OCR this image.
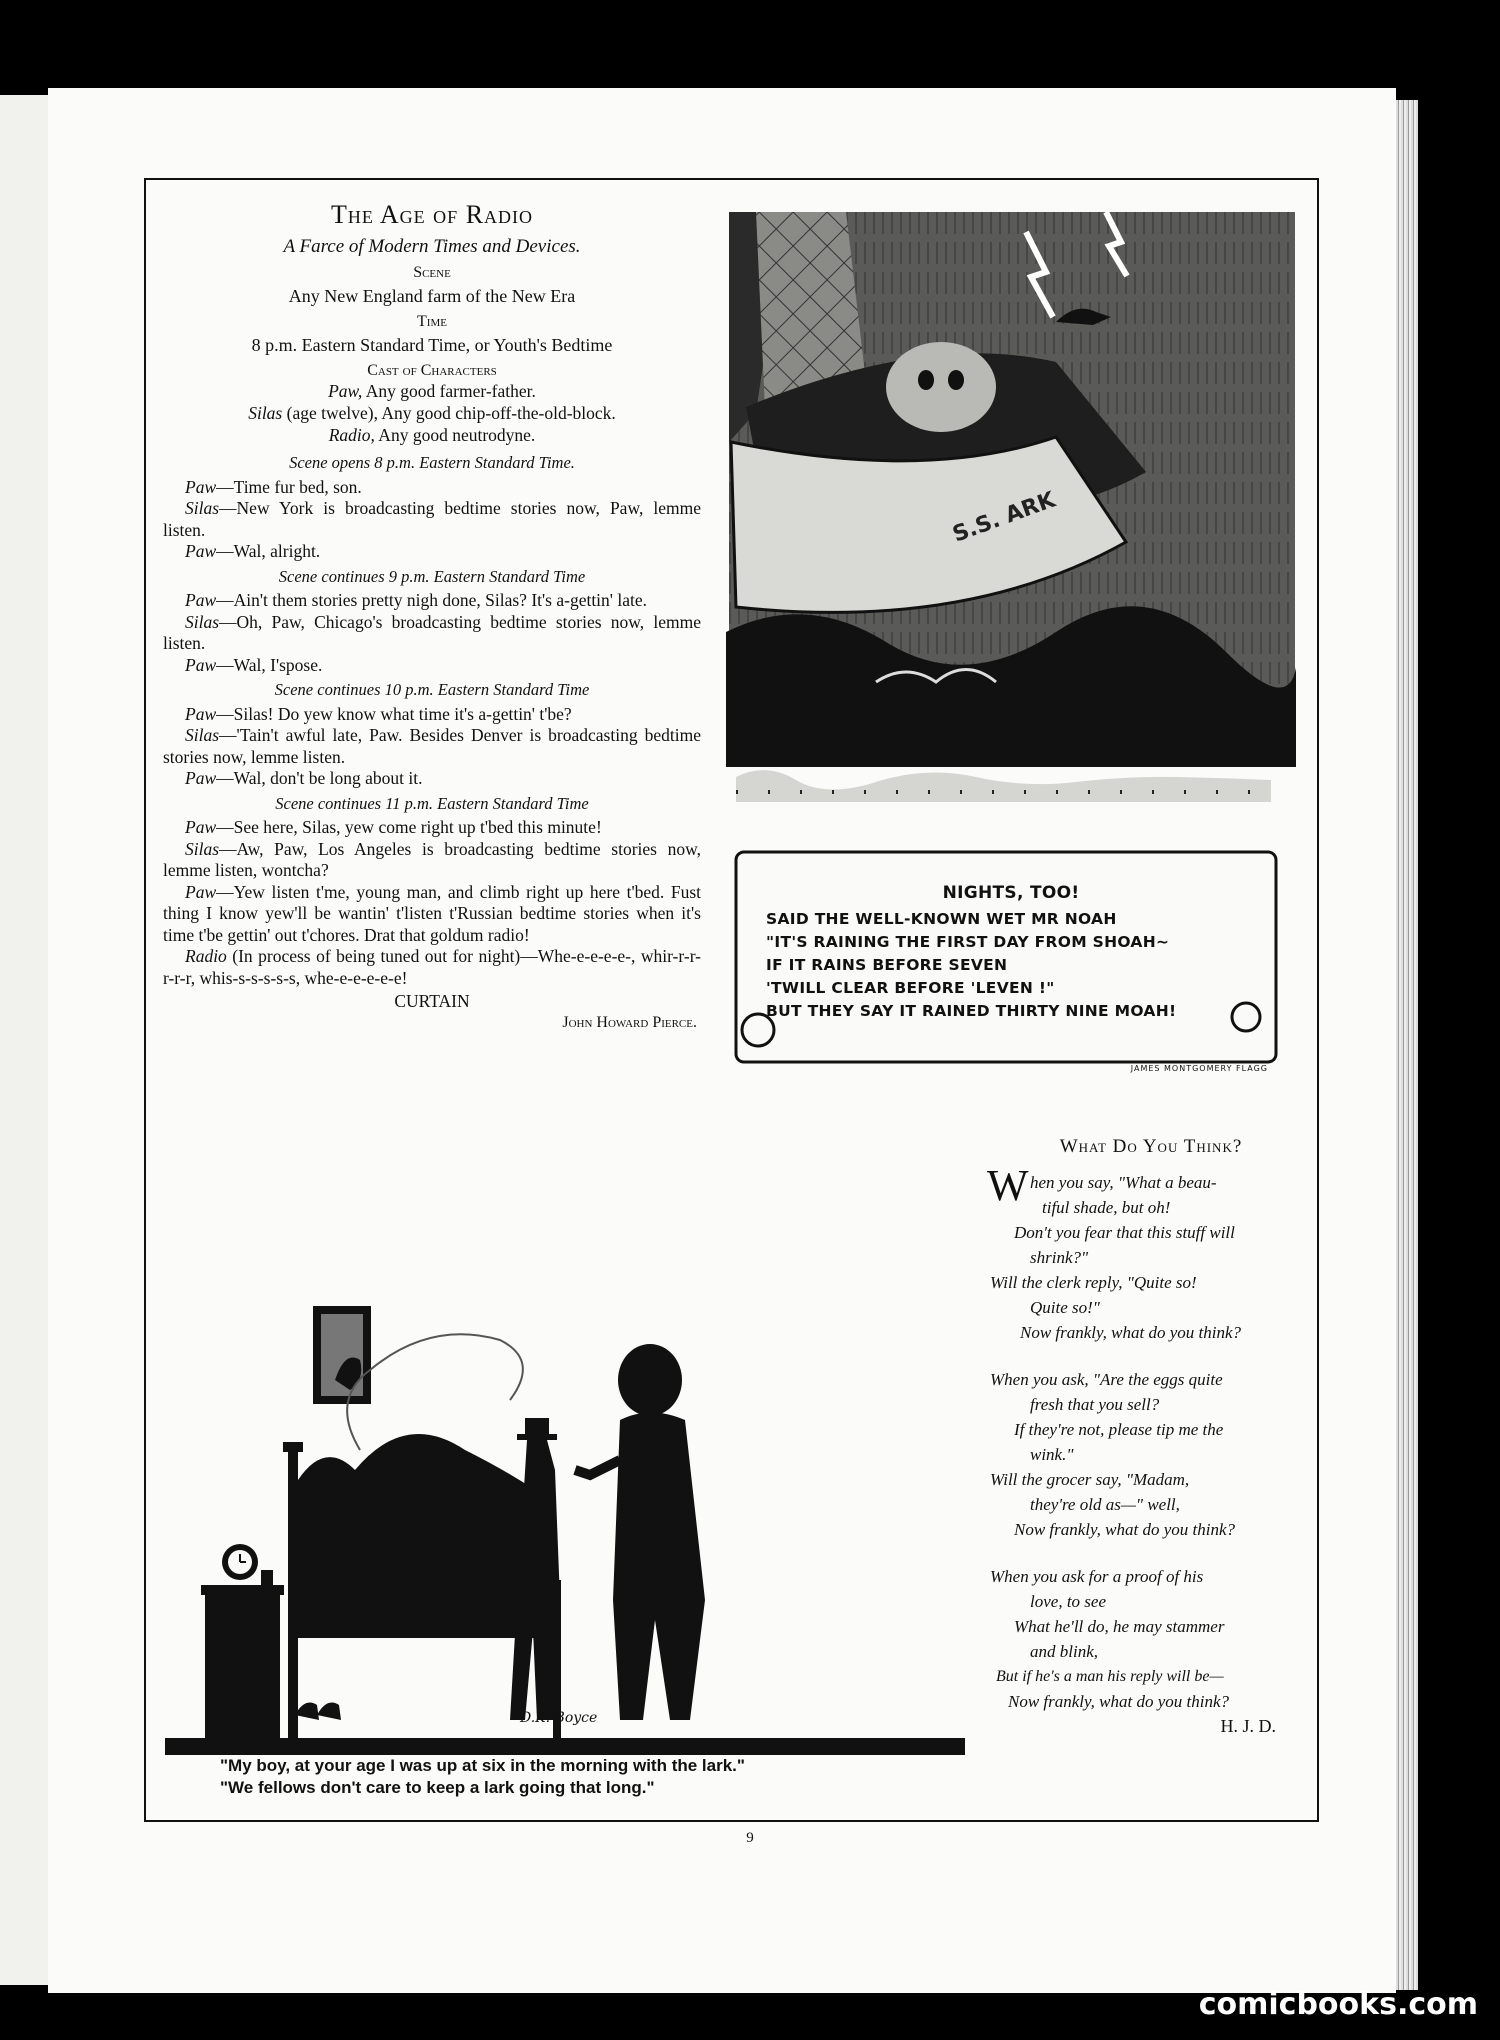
The Age of Radio
A Farce of Modern Times and Devices.
Scene
Any New England farm of the New Era
Time
8 p.m. Eastern Standard Time, or Youth's Bedtime
Cast of Characters
Paw, Any good farmer-father.
Silas (age twelve), Any good chip-off-the-old-block.
Radio, Any good neutrodyne.
Scene opens 8 p.m. Eastern Standard Time.
Paw—Time fur bed, son.
Silas—New York is broadcasting bedtime stories now, Paw, lemme listen.
Paw—Wal, alright.
Scene continues 9 p.m. Eastern Standard Time
Paw—Ain't them stories pretty nigh done, Silas? It's a-gettin' late.
Silas—Oh, Paw, Chicago's broadcasting bedtime stories now, lemme listen.
Paw—Wal, I'spose.
Scene continues 10 p.m. Eastern Standard Time
Paw—Silas! Do yew know what time it's a-gettin' t'be?
Silas—'Tain't awful late, Paw. Besides Denver is broadcasting bedtime stories now, lemme listen.
Paw—Wal, don't be long about it.
Scene continues 11 p.m. Eastern Standard Time
Paw—See here, Silas, yew come right up t'bed this minute!
Silas—Aw, Paw, Los Angeles is broadcasting bedtime stories now, lemme listen, wontcha?
Paw—Yew listen t'me, young man, and climb right up here t'bed. Fust thing I know yew'll be wantin' t'listen t'Russian bedtime stories when it's time t'be gettin' out t'chores. Drat that goldum radio!
Radio (In process of being tuned out for night)—Whe-e-e-e-e-, whir-r-r-r-r-r, whis-s-s-s-s-s, whe-e-e-e-e-e!
CURTAIN
John Howard Pierce.
S.S. ARK
NIGHTS, TOO!
SAID THE WELL-KNOWN WET MR NOAH
"IT'S RAINING THE FIRST DAY FROM SHOAH~
IF IT RAINS BEFORE SEVEN
'TWILL CLEAR BEFORE 'LEVEN !"
BUT THEY SAY IT RAINED THIRTY NINE MOAH!
JAMES MONTGOMERY FLAGG
What Do You Think?
W hen you say, "What a beau-
tiful shade, but oh!
Don't you fear that this stuff will
shrink?"
Will the clerk reply, "Quite so!
Quite so!"
Now frankly, what do you think?
When you ask, "Are the eggs quite
fresh that you sell?
If they're not, please tip me the
wink."
Will the grocer say, "Madam,
they're old as—" well,
Now frankly, what do you think?
When you ask for a proof of his
love, to see
What he'll do, he may stammer
and blink,
But if he's a man his reply will be—
Now frankly, what do you think?
H. J. D.
D.K. Boyce
"My boy, at your age I was up at six in the morning with the lark."
"We fellows don't care to keep a lark going that long."
9
comicbooks.com
